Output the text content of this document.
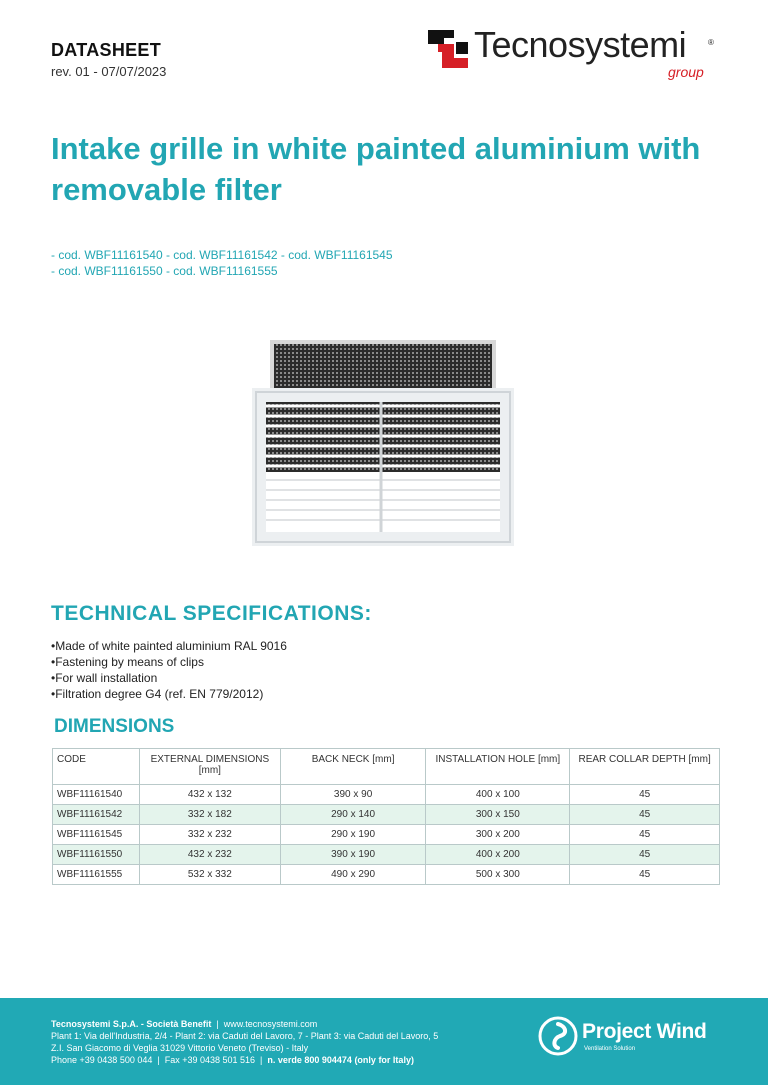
DATASHEET
rev. 01 - 07/07/2023
Tecnosystemi	®
group
Intake grille in white painted aluminium with removable filter
- cod. WBF11161540 - cod. WBF11161542 - cod. WBF11161545
- cod. WBF11161550 - cod. WBF11161555
TECHNICAL SPECIFICATIONS:
• Made of white painted aluminium RAL 9016
• Fastening by means of clips
• For wall installation
• Filtration degree G4 (ref. EN 779/2012)
DIMENSIONS
CODE	EXTERNAL DIMENSIONS [mm]	BACK NECK [mm]	INSTALLATION HOLE [mm]	REAR COLLAR DEPTH [mm]
WBF11161540	432 x 132	390 x 90	400 x 100	45
WBF11161542	332 x 182	290 x 140	300 x 150	45
WBF11161545	332 x 232	290 x 190	300 x 200	45
WBF11161550	432 x 232	390 x 190	400 x 200	45
WBF11161555	532 x 332	490 x 290	500 x 300	45
Tecnosystemi S.p.A. - Società Benefit  |  www.tecnosystemi.com
Plant 1: Via dell'Industria, 2/4 - Plant 2: via Caduti del Lavoro, 7 - Plant 3: via Caduti del Lavoro, 5
Z.I. San Giacomo di Veglia 31029 Vittorio Veneto (Treviso) - Italy
Phone +39 0438 500 044  |  Fax +39 0438 501 516  |  n. verde 800 904474 (only for Italy)
Project Wind
Ventilation Solution
